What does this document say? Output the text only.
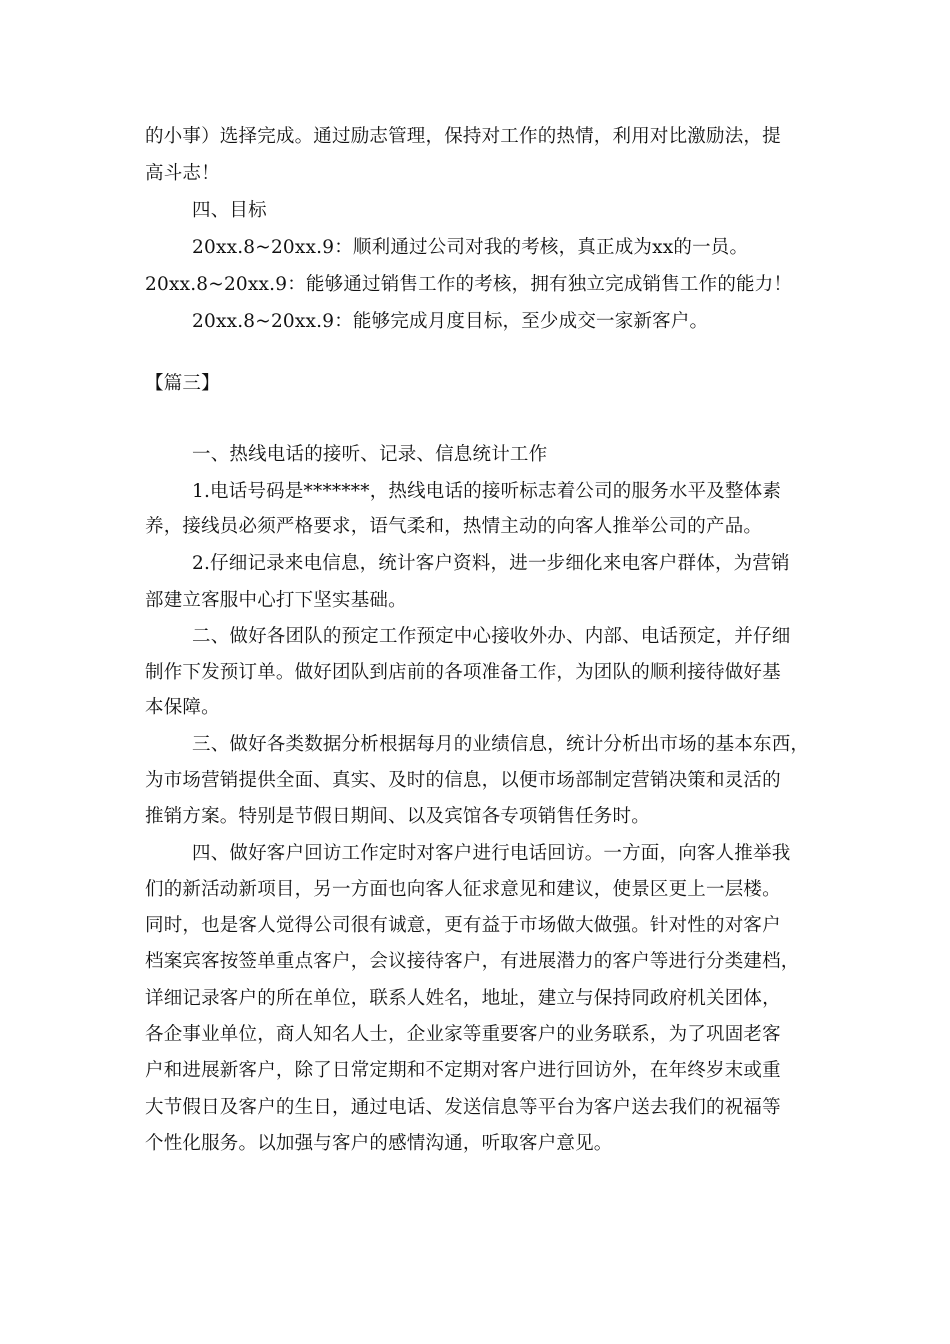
的小事）选择完成。通过励志管理，保持对工作的热情，利用对比激励法，提
高斗志！
四、目标
20xx.8~20xx.9：顺利通过公司对我的考核，真正成为xx的一员。
20xx.8~20xx.9：能够通过销售工作的考核，拥有独立完成销售工作的能力！
20xx.8~20xx.9：能够完成月度目标，至少成交一家新客户。
【篇三】
一、热线电话的接听、记录、信息统计工作
1.电话号码是*******，热线电话的接听标志着公司的服务水平及整体素
养，接线员必须严格要求，语气柔和，热情主动的向客人推举公司的产品。
2.仔细记录来电信息，统计客户资料，进一步细化来电客户群体，为营销
部建立客服中心打下坚实基础。
二、做好各团队的预定工作预定中心接收外办、内部、电话预定，并仔细
制作下发预订单。做好团队到店前的各项准备工作，为团队的顺利接待做好基
本保障。
三、做好各类数据分析根据每月的业绩信息，统计分析出市场的基本东西，
为市场营销提供全面、真实、及时的信息，以便市场部制定营销决策和灵活的
推销方案。特别是节假日期间、以及宾馆各专项销售任务时。
四、做好客户回访工作定时对客户进行电话回访。一方面，向客人推举我
们的新活动新项目，另一方面也向客人征求意见和建议，使景区更上一层楼。
同时，也是客人觉得公司很有诚意，更有益于市场做大做强。针对性的对客户
档案宾客按签单重点客户，会议接待客户，有进展潜力的客户等进行分类建档，
详细记录客户的所在单位，联系人姓名，地址，建立与保持同政府机关团体，
各企事业单位，商人知名人士，企业家等重要客户的业务联系，为了巩固老客
户和进展新客户，除了日常定期和不定期对客户进行回访外，在年终岁末或重
大节假日及客户的生日，通过电话、发送信息等平台为客户送去我们的祝福等
个性化服务。以加强与客户的感情沟通，听取客户意见。
